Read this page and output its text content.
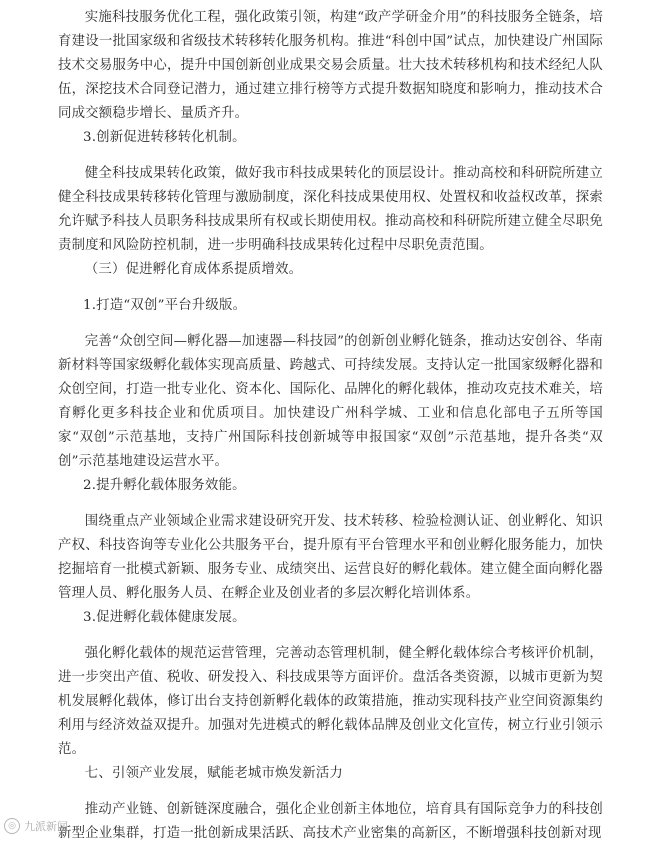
实施科技服务优化工程，强化政策引领，构建“政产学研金介用”的科技服务全链条，培育建设一批国家级和省级技术转移转化服务机构。推进“科创中国”试点，加快建设广州国际技术交易服务中心，提升中国创新创业成果交易会质量。壮大技术转移机构和技术经纪人队伍，深挖技术合同登记潜力，通过建立排行榜等方式提升数据知晓度和影响力，推动技术合同成交额稳步增长、量质齐升。

3.创新促进转移转化机制。

健全科技成果转化政策，做好我市科技成果转化的顶层设计。推动高校和科研院所建立健全科技成果转移转化管理与激励制度，深化科技成果使用权、处置权和收益权改革，探索允许赋予科技人员职务科技成果所有权或长期使用权。推动高校和科研院所建立健全尽职免责制度和风险防控机制，进一步明确科技成果转化过程中尽职免责范围。

（三）促进孵化育成体系提质增效。

1.打造“双创”平台升级版。

完善“众创空间—孵化器—加速器—科技园”的创新创业孵化链条，推动达安创谷、华南新材料等国家级孵化载体实现高质量、跨越式、可持续发展。支持认定一批国家级孵化器和众创空间，打造一批专业化、资本化、国际化、品牌化的孵化载体，推动攻克技术难关，培育孵化更多科技企业和优质项目。加快建设广州科学城、工业和信息化部电子五所等国家“双创”示范基地，支持广州国际科技创新城等申报国家“双创”示范基地，提升各类“双创”示范基地建设运营水平。

2.提升孵化载体服务效能。

围绕重点产业领域企业需求建设研究开发、技术转移、检验检测认证、创业孵化、知识产权、科技咨询等专业化公共服务平台，提升原有平台管理水平和创业孵化服务能力，加快挖掘培育一批模式新颖、服务专业、成绩突出、运营良好的孵化载体。建立健全面向孵化器管理人员、孵化服务人员、在孵企业及创业者的多层次孵化培训体系。

3.促进孵化载体健康发展。

强化孵化载体的规范运营管理，完善动态管理机制，健全孵化载体综合考核评价机制，进一步突出产值、税收、研发投入、科技成果等方面评价。盘活各类资源，以城市更新为契机发展孵化载体，修订出台支持创新孵化载体的政策措施，推动实现科技产业空间资源集约利用与经济效益双提升。加强对先进模式的孵化载体品牌及创业文化宣传，树立行业引领示范。

七、引领产业发展，赋能老城市焕发新活力

推动产业链、创新链深度融合，强化企业创新主体地位，培育具有国际竞争力的科技创新型企业集群，打造一批创新成果活跃、高技术产业密集的高新区，不断增强科技创新对现

◎ 九派新闻
